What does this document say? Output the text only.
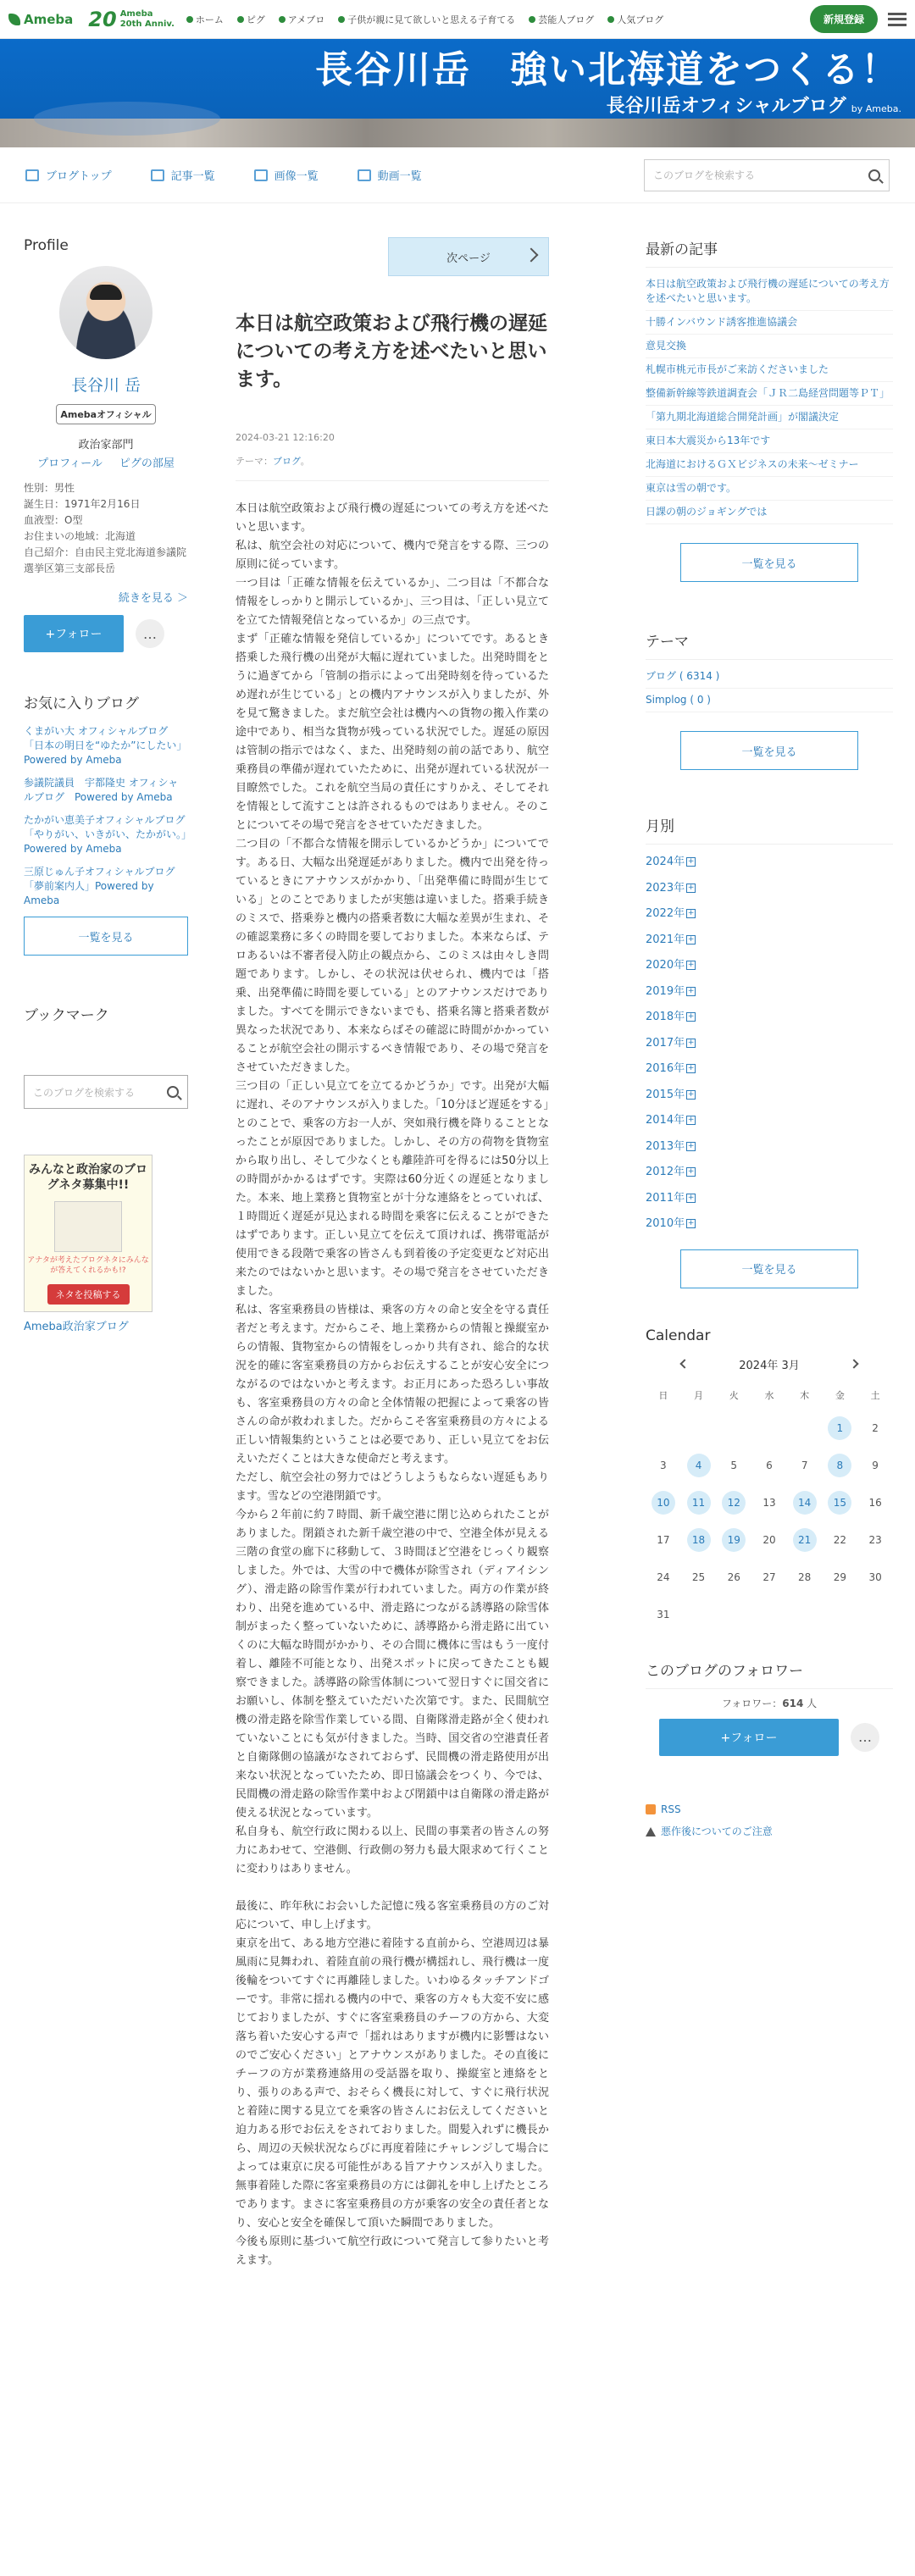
Ameba 20 Ameba
20th Anniv. ホーム ピグ アメブロ 子供が親に見て欲しいと思える子育てる 芸能人ブログ 人気ブログ	新規登録
長谷川岳　強い北海道をつくる！
長谷川岳オフィシャルブログ by Ameba.
ブログトップ	記事一覧	画像一覧	動画一覧	このブログを検索する
Profile
長谷川 岳
Amebaオフィシャル
政治家部門
プロフィール ピグの部屋
性別：男性
誕生日：1971年2月16日
血液型：O型
お住まいの地域：北海道
自己紹介：自由民主党北海道参議院選挙区第三支部長岳
続きを見る ＞
+フォロー	…
お気に入りブログ
くまがい大 オフィシャルブログ「日本の明日を“ゆたか”にしたい」Powered by Ameba
参議院議員　宇都隆史 オフィシャルブログ　Powered by Ameba
たかがい恵美子オフィシャルブログ「やりがい、いきがい、たかがい。」Powered by Ameba
三原じゅん子オフィシャルブログ「夢前案内人」Powered by Ameba
一覧を見る
ブックマーク
このブログを検索する
みんなと政治家のブログネタ募集中!!
アナタが考えたブログネタにみんなが答えてくれるかも!?
ネタを投稿する
Ameba政治家ブログ
次ページ
本日は航空政策および飛行機の遅延についての考え方を述べたいと思います。
2024-03-21 12:16:20
テーマ：ブログ。

本日は航空政策および飛行機の遅延についての考え方を述べたいと思います。

私は、航空会社の対応について、機内で発言をする際、三つの原則に従っています。

一つ目は「正確な情報を伝えているか」、二つ目は「不都合な情報をしっかりと開示しているか」、三つ目は、「正しい見立てを立てた情報発信となっているか」の三点です。

まず「正確な情報を発信しているか」についてです。あるとき搭乗した飛行機の出発が大幅に遅れていました。出発時間をとうに過ぎてから「管制の指示によって出発時刻を待っているため遅れが生じている」との機内アナウンスが入りましたが、外を見て驚きました。まだ航空会社は機内への貨物の搬入作業の途中であり、相当な貨物が残っている状況でした。遅延の原因は管制の指示ではなく、また、出発時刻の前の話であり、航空乗務員の準備が遅れていたために、出発が遅れている状況が一目瞭然でした。これを航空当局の責任にすりかえ、そしてそれを情報として流すことは許されるものではありません。そのことについてその場で発言をさせていただきました。

二つ目の「不都合な情報を開示しているかどうか」についてです。ある日、大幅な出発遅延がありました。機内で出発を待っているときにアナウンスがかかり、「出発準備に時間が生じている」とのことでありましたが実態は違いました。搭乗手続きのミスで、搭乗券と機内の搭乗者数に大幅な差異が生まれ、その確認業務に多くの時間を要しておりました。本来ならば、テロあるいは不審者侵入防止の観点から、このミスは由々しき問題であります。しかし、その状況は伏せられ、機内では「搭乗、出発準備に時間を要している」とのアナウンスだけでありました。すべてを開示できないまでも、搭乗名簿と搭乗者数が異なった状況であり、本来ならばその確認に時間がかかっていることが航空会社の開示するべき情報であり、その場で発言をさせていただきました。

三つ目の「正しい見立てを立てるかどうか」です。出発が大幅に遅れ、そのアナウンスが入りました。「10分ほど遅延をする」とのことで、乗客の方お一人が、突如飛行機を降りることとなったことが原因でありました。しかし、その方の荷物を貨物室から取り出し、そして少なくとも離陸許可を得るには50分以上の時間がかかるはずです。実際は60分近くの遅延となりました。本来、地上業務と貨物室とが十分な連絡をとっていれば、１時間近く遅延が見込まれる時間を乗客に伝えることができたはずであります。正しい見立てを伝えて頂ければ、携帯電話が使用できる段階で乗客の皆さんも到着後の予定変更など対応出来たのではないかと思います。その場で発言をさせていただきました。

私は、客室乗務員の皆様は、乗客の方々の命と安全を守る責任者だと考えます。だからこそ、地上業務からの情報と操縦室からの情報、貨物室からの情報をしっかり共有され、総合的な状況を的確に客室乗務員の方からお伝えすることが安心安全につながるのではないかと考えます。お正月にあった恐ろしい事故も、客室乗務員の方々の命と全体情報の把握によって乗客の皆さんの命が救われました。だからこそ客室乗務員の方々による正しい情報集約ということは必要であり、正しい見立てをお伝えいただくことは大きな使命だと考えます。

ただし、航空会社の努力ではどうしようもならない遅延もあります。雪などの空港閉鎖です。

今から２年前に約７時間、新千歳空港に閉じ込められたことがありました。閉鎖された新千歳空港の中で、空港全体が見える三階の食堂の廊下に移動して、３時間ほど空港をじっくり観察しました。外では、大雪の中で機体が除雪され（ディアイシング）、滑走路の除雪作業が行われていました。両方の作業が終わり、出発を進めている中、滑走路につながる誘導路の除雪体制がまったく整っていないために、誘導路から滑走路に出ていくのに大幅な時間がかかり、その合間に機体に雪はもう一度付着し、離陸不可能となり、出発スポットに戻ってきたことも観察できました。誘導路の除雪体制について翌日すぐに国交省にお願いし、体制を整えていただいた次第です。また、民間航空機の滑走路を除雪作業している間、自衛隊滑走路が全く使われていないことにも気が付きました。当時、国交省の空港責任者と自衛隊側の協議がなされておらず、民間機の滑走路使用が出来ない状況となっていたため、即日協議会をつくり、今では、民間機の滑走路の除雪作業中および閉鎖中は自衛隊の滑走路が使える状況となっています。

私自身も、航空行政に関わる以上、民間の事業者の皆さんの努力にあわせて、空港側、行政側の努力も最大限求めて行くことに変わりはありません。

最後に、昨年秋にお会いした記憶に残る客室乗務員の方のご対応について、申し上げます。

東京を出て、ある地方空港に着陸する直前から、空港周辺は暴風雨に見舞われ、着陸直前の飛行機が構揺れし、飛行機は一度後輪をついてすぐに再離陸しました。いわゆるタッチアンドゴーです。非常に揺れる機内の中で、乗客の方々も大変不安に感じておりましたが、すぐに客室乗務員のチーフの方から、大変落ち着いた安心する声で「揺れはありますが機内に影響はないのでご安心ください」とアナウンスがありました。その直後にチーフの方が業務連絡用の受話器を取り、操縦室と連絡をとり、張りのある声で、おそらく機長に対して、すぐに飛行状況と着陸に関する見立てを乗客の皆さんにお伝えしてくださいと迫力ある形でお伝えをされておりました。間髪入れずに機長から、周辺の天候状況ならびに再度着陸にチャレンジして場合によっては東京に戻る可能性がある旨アナウンスが入りました。無事着陸した際に客室乗務員の方には御礼を申し上げたところであります。まさに客室乗務員の方が乗客の安全の責任者となり、安心と安全を確保して頂いた瞬間でありました。

今後も原則に基づいて航空行政について発言して参りたいと考えます。

最新の記事
本日は航空政策および飛行機の遅延についての考え方を述べたいと思います。
十勝インバウンド誘客推進協議会
意見交換
札幌市桃元市長がご来訪くださいました
整備新幹線等鉄道調査会「ＪＲ二島経営問題等ＰＴ」
「第九期北海道総合開発計画」が閣議決定
東日本大震災から13年です
北海道におけるＧＸビジネスの未来～ゼミナー
東京は雪の朝です。
日課の朝のジョギングでは
一覧を見る
テーマ
ブログ ( 6314 )
Simplog ( 0 )
一覧を見る
月別
2024年 +
2023年 +
2022年 +
2021年 +
2020年 +
2019年 +
2018年 +
2017年 +
2016年 +
2015年 +
2014年 +
2013年 +
2012年 +
2011年 +
2010年 +
一覧を見る
Calendar
2024年 3月
日	月	火	水	木	金	土
					1	2
3	4	5	6	7	8	9
10	11	12	13	14	15	16
17	18	19	20	21	22	23
24	25	26	27	28	29	30
31						
このブログのフォロワー
フォロワー：614 人
+フォロー	…
RSS
悪作後についてのご注意
